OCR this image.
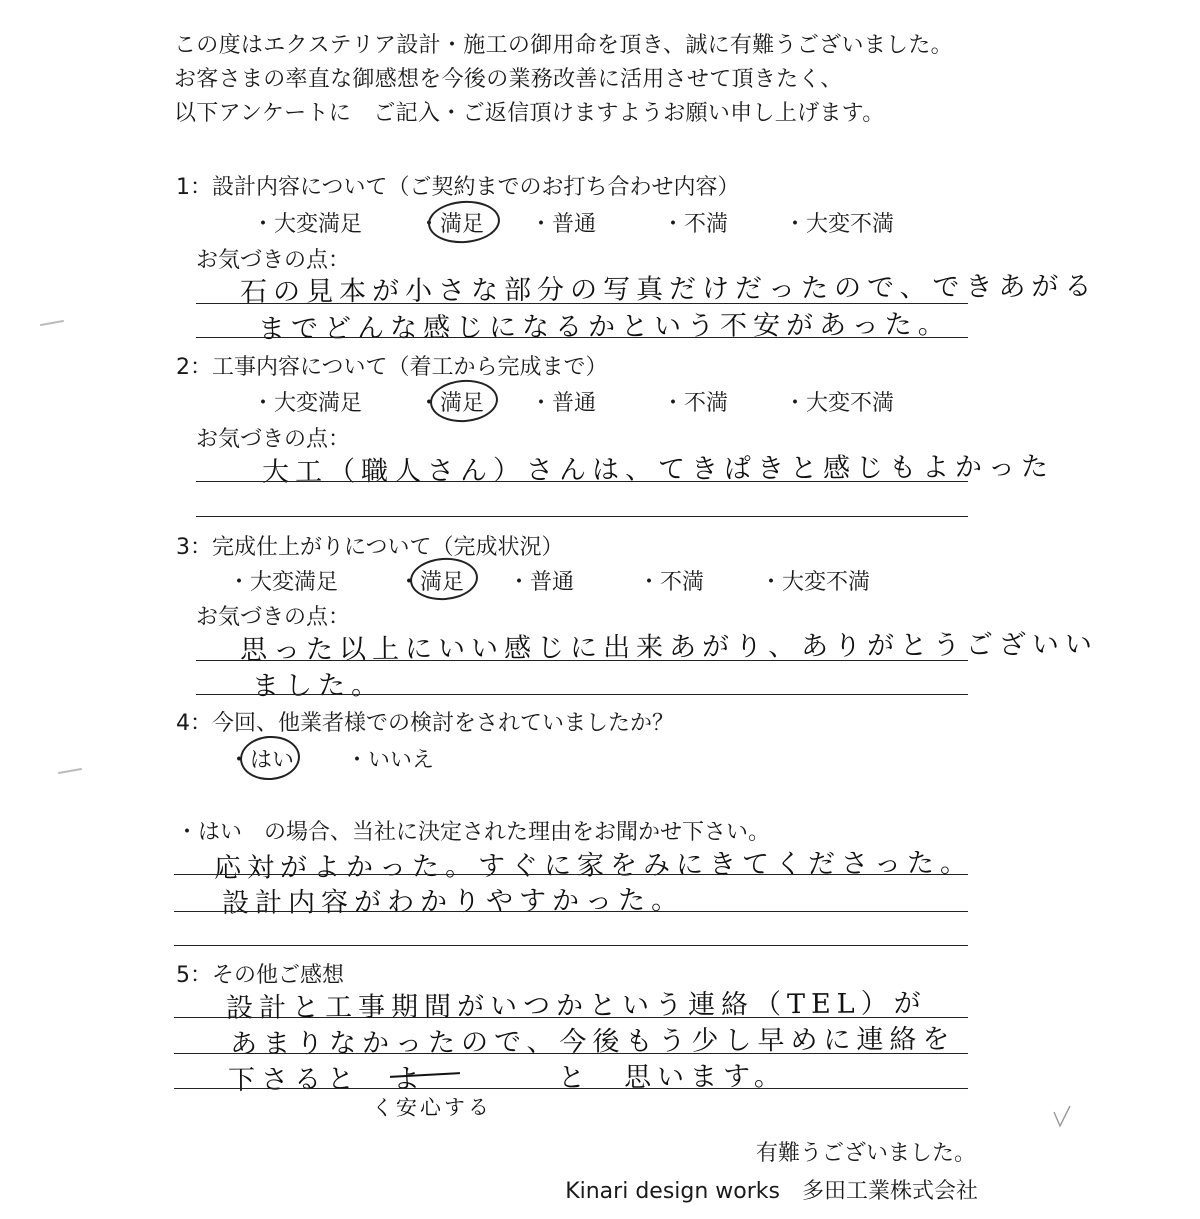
この度はエクステリア設計・施工の御用命を頂き、誠に有難うございました。
お客さまの率直な御感想を今後の業務改善に活用させて頂きたく、
以下アンケートに　ご記入・ご返信頂けますようお願い申し上げます。
1：設計内容について（ご契約までのお打ち合わせ内容）
・大変満足	・満足 ・普通	・不満	・大変不満
お気づきの点：
石の見本が小さな部分の写真だけだったので、できあがる
までどんな感じになるかという不安があった。
2：工事内容について（着工から完成まで）
・大変満足	・満足 ・普通	・不満	・大変不満
お気づきの点：
大工（職人さん）さんは、てきぱきと感じもよかった
3：完成仕上がりについて（完成状況）
・大変満足	・満足 ・普通	・不満	・大変不満
お気づきの点：
思った以上にいい感じに出来あがり、ありがとうございい
ました。
4：今回、他業者様での検討をされていましたか？
・はい ・いいえ
・はい　の場合、当社に決定された理由をお聞かせ下さい。
応対がよかった。すぐに家をみにきてくださった。
設計内容がわかりやすかった。
5：その他ご感想
設計と工事期間がいつかという連絡（TEL）が
あまりなかったので、今後もう少し早めに連絡を
下さると　よ　　　　と　思います。
く安心する
有難うございました。
Kinari design works　多田工業株式会社
